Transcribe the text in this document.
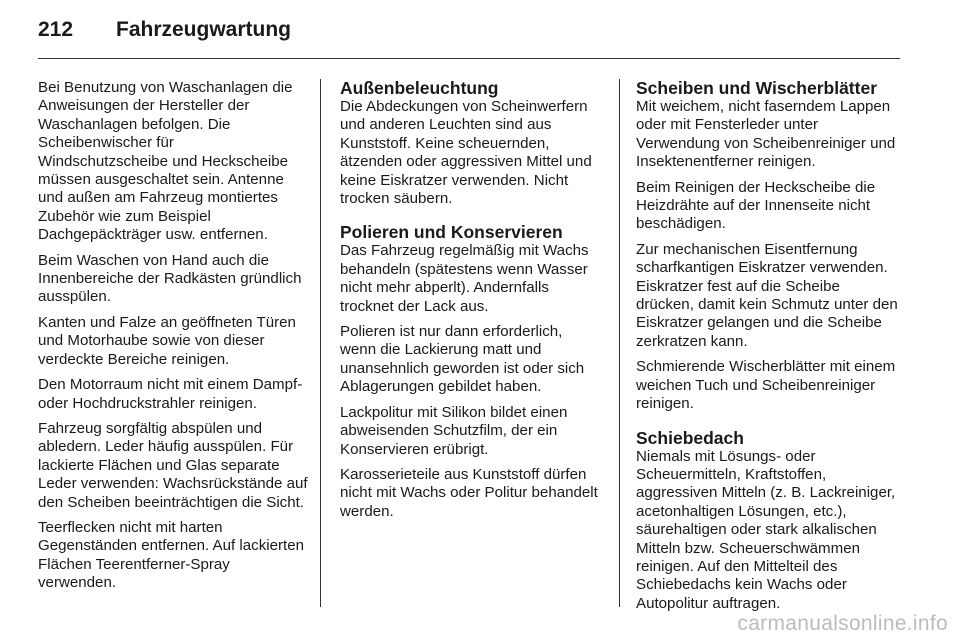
212	Fahrzeugwartung

Bei Benutzung von Waschanlagen die Anweisungen der Hersteller der Waschanlagen befolgen. Die Scheibenwischer für Windschutzscheibe und Heckscheibe müssen ausgeschaltet sein. Antenne und außen am Fahrzeug montiertes Zubehör wie zum Beispiel Dachgepäckträger usw. entfernen.

Beim Waschen von Hand auch die Innenbereiche der Radkästen gründlich ausspülen.

Kanten und Falze an geöffneten Türen und Motorhaube sowie von dieser verdeckte Bereiche reinigen.

Den Motorraum nicht mit einem Dampf- oder Hochdruckstrahler reinigen.

Fahrzeug sorgfältig abspülen und abledern. Leder häufig ausspülen. Für lackierte Flächen und Glas separate Leder verwenden: Wachsrückstände auf den Scheiben beeinträchtigen die Sicht.

Teerflecken nicht mit harten Gegenständen entfernen. Auf lackierten Flächen Teerentferner-Spray verwenden.

Außenbeleuchtung

Die Abdeckungen von Scheinwerfern und anderen Leuchten sind aus Kunststoff. Keine scheuernden, ätzenden oder aggressiven Mittel und keine Eiskratzer verwenden. Nicht trocken säubern.

Polieren und Konservieren

Das Fahrzeug regelmäßig mit Wachs behandeln (spätestens wenn Wasser nicht mehr abperlt). Andernfalls trocknet der Lack aus.

Polieren ist nur dann erforderlich, wenn die Lackierung matt und unansehnlich geworden ist oder sich Ablagerungen gebildet haben.

Lackpolitur mit Silikon bildet einen abweisenden Schutzfilm, der ein Konservieren erübrigt.

Karosserieteile aus Kunststoff dürfen nicht mit Wachs oder Politur behandelt werden.

Scheiben und Wischerblätter

Mit weichem, nicht faserndem Lappen oder mit Fensterleder unter Verwendung von Scheibenreiniger und Insektenentferner reinigen.

Beim Reinigen der Heckscheibe die Heizdrähte auf der Innenseite nicht beschädigen.

Zur mechanischen Eisentfernung scharfkantigen Eiskratzer verwenden. Eiskratzer fest auf die Scheibe drücken, damit kein Schmutz unter den Eiskratzer gelangen und die Scheibe zerkratzen kann.

Schmierende Wischerblätter mit einem weichen Tuch und Scheibenreiniger reinigen.

Schiebedach

Niemals mit Lösungs- oder Scheuermitteln, Kraftstoffen, aggressiven Mitteln (z. B. Lackreiniger, acetonhaltigen Lösungen, etc.), säurehaltigen oder stark alkalischen Mitteln bzw. Scheuerschwämmen reinigen. Auf den Mittelteil des Schiebedachs kein Wachs oder Autopolitur auftragen.

carmanualsonline.info
